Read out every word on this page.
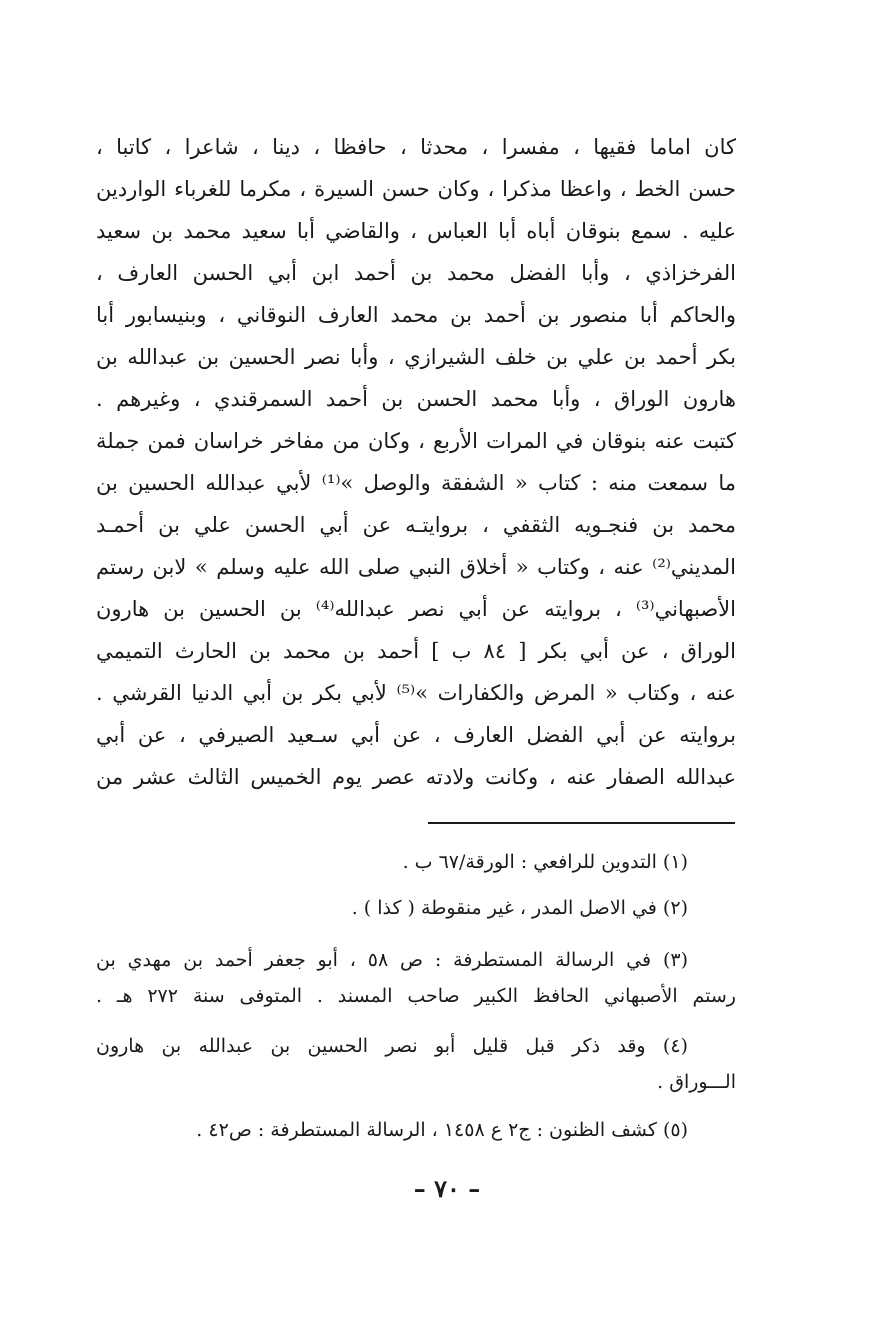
كان اماما فقيها ، مفسرا ، محدثا ، حافظا ، دينا ، شاعرا ، كاتبا ،
حسن الخط ، واعظا مذكرا ، وكان حسن السيرة ، مكرما للغرباء الواردين
عليه . سمع بنوقان أباه أبا العباس ، والقاضي أبا سعيد محمد بن سعيد
الفرخزاذي ، وأبا الفضل محمد بن أحمد ابن أبي الحسن العارف ،
والحاكم أبا منصور بن أحمد بن محمد العارف النوقاني ، وبنيسابور أبا
بكر أحمد بن علي بن خلف الشيرازي ، وأبا نصر الحسين بن عبدالله بن
هارون الوراق ، وأبا محمد الحسن بن أحمد السمرقندي ، وغيرهم .
كتبت عنه بنوقان في المرات الأربع ، وكان من مفاخر خراسان فمن جملة
ما سمعت منه : كتاب « الشفقة والوصل »⁽¹⁾ لأبي عبدالله الحسين بن
محمد بن فنجـويه الثقفي ، بروايتـه عن أبي الحسن علي بن أحمـد
المديني⁽²⁾ عنه ، وكتاب « أخلاق النبي صلى الله عليه وسلم » لابن رستم
الأصبهاني⁽³⁾ ، بروايته عن أبي نصر عبدالله⁽⁴⁾ بن الحسين بن هارون
الوراق ، عن أبي بكر [ ٨٤ ب ] أحمد بن محمد بن الحارث التميمي
عنه ، وكتاب « المرض والكفارات »⁽⁵⁾ لأبي بكر بن أبي الدنيا القرشي .
بروايته عن أبي الفضل العارف ، عن أبي سـعيد الصيرفي ، عن أبي
عبدالله الصفار عنه ، وكانت ولادته عصر يوم الخميس الثالث عشر من
(١) التدوين للرافعي : الورقة/٦٧ ب .
(٢) في الاصل المدر ، غير منقوطة ( كذا ) .
(٣) في الرسالة المستطرفة : ص ٥٨ ، أبو جعفر أحمد بن مهدي بن
رستم الأصبهاني الحافظ الكبير صاحب المسند . المتوفى سنة ٢٧٢ هـ .
(٤) وقد ذكر قبل قليل أبو نصر الحسين بن عبدالله بن هارون
الـــوراق .
(٥) كشف الظنون : ج٢ ع ١٤٥٨ ، الرسالة المستطرفة : ص٤٢ .
– ٧٠ –
